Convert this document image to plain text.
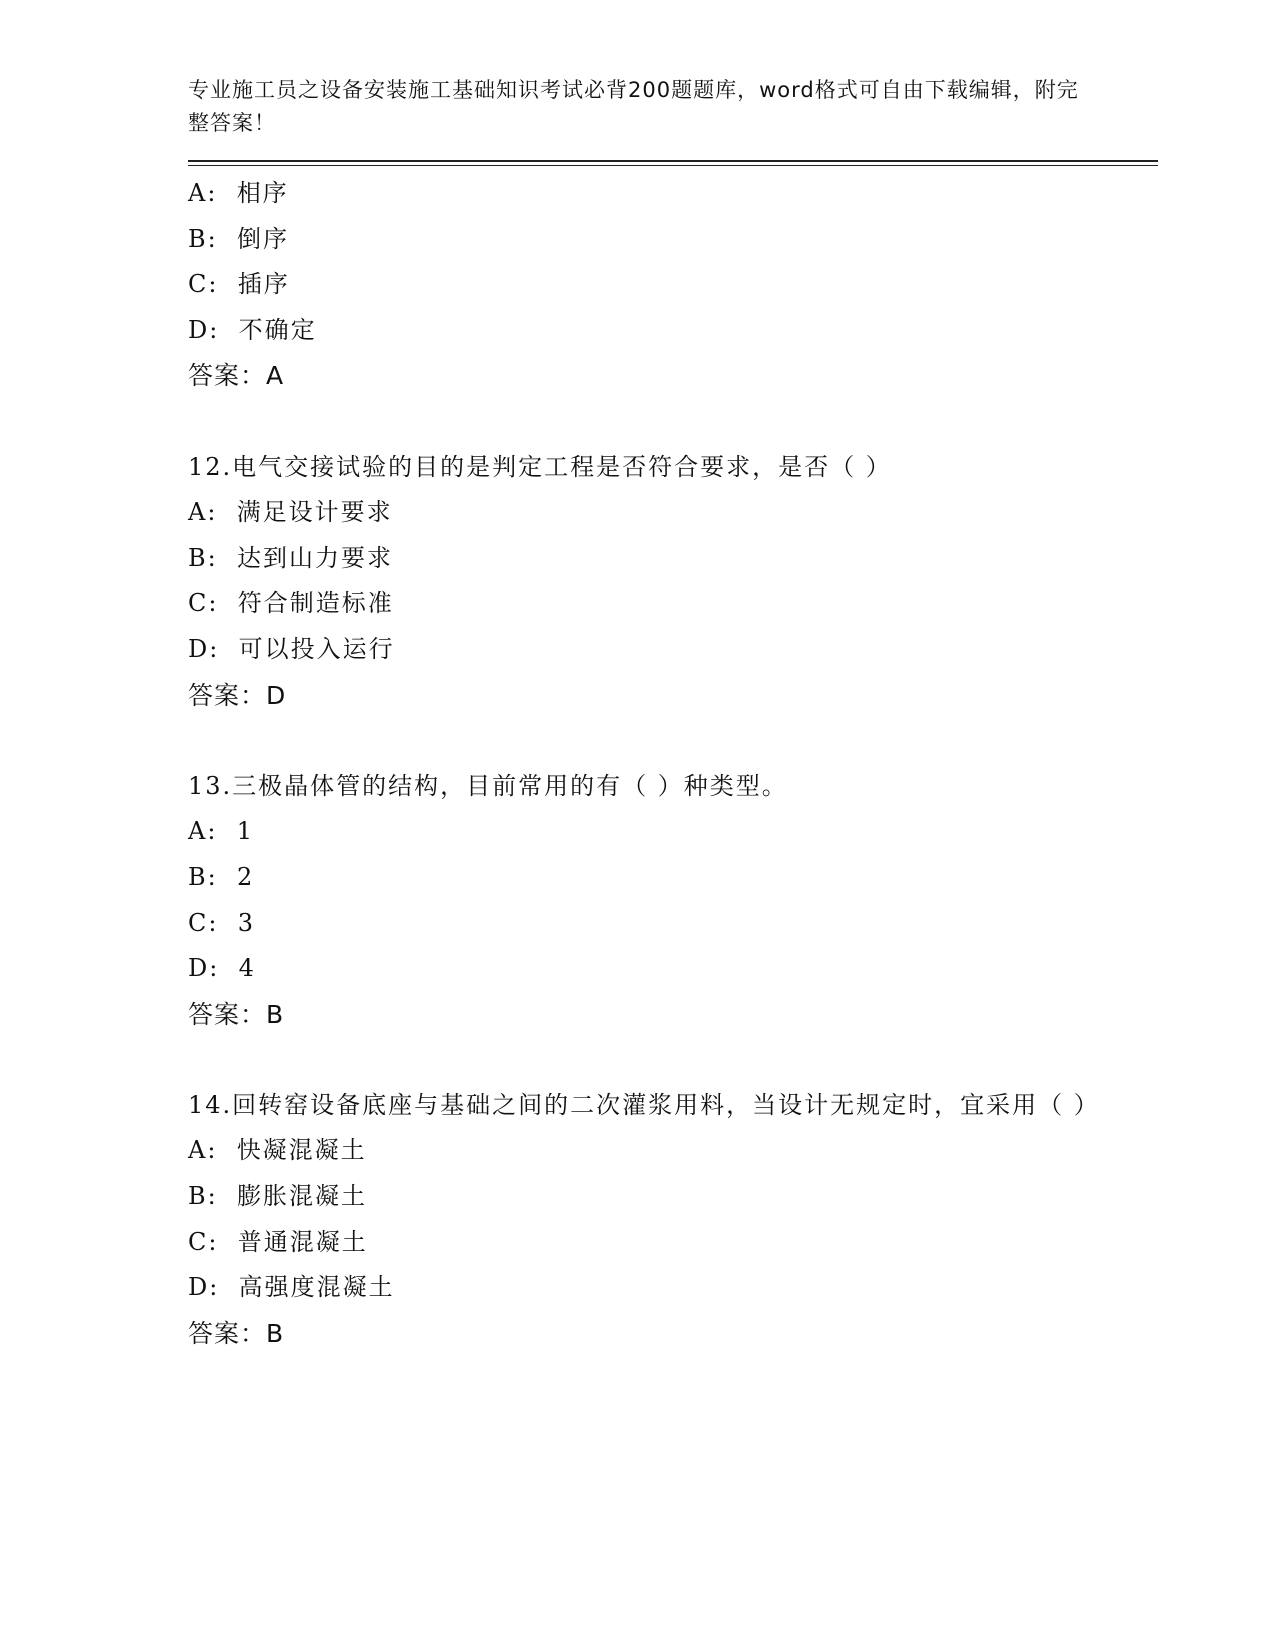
专业施工员之设备安装施工基础知识考试必背200题题库，word格式可自由下载编辑，附完整答案！
A: 相序
B: 倒序
C: 插序
D: 不确定
答案：A
12.电气交接试验的目的是判定工程是否符合要求，是否（ ）
A: 满足设计要求
B: 达到山力要求
C: 符合制造标准
D: 可以投入运行
答案：D
13.三极晶体管的结构，目前常用的有（ ）种类型。
A: 1
B: 2
C: 3
D: 4
答案：B
14.回转窑设备底座与基础之间的二次灌浆用料，当设计无规定时，宜采用（ ）
A: 快凝混凝土
B: 膨胀混凝土
C: 普通混凝土
D: 高强度混凝土
答案：B
